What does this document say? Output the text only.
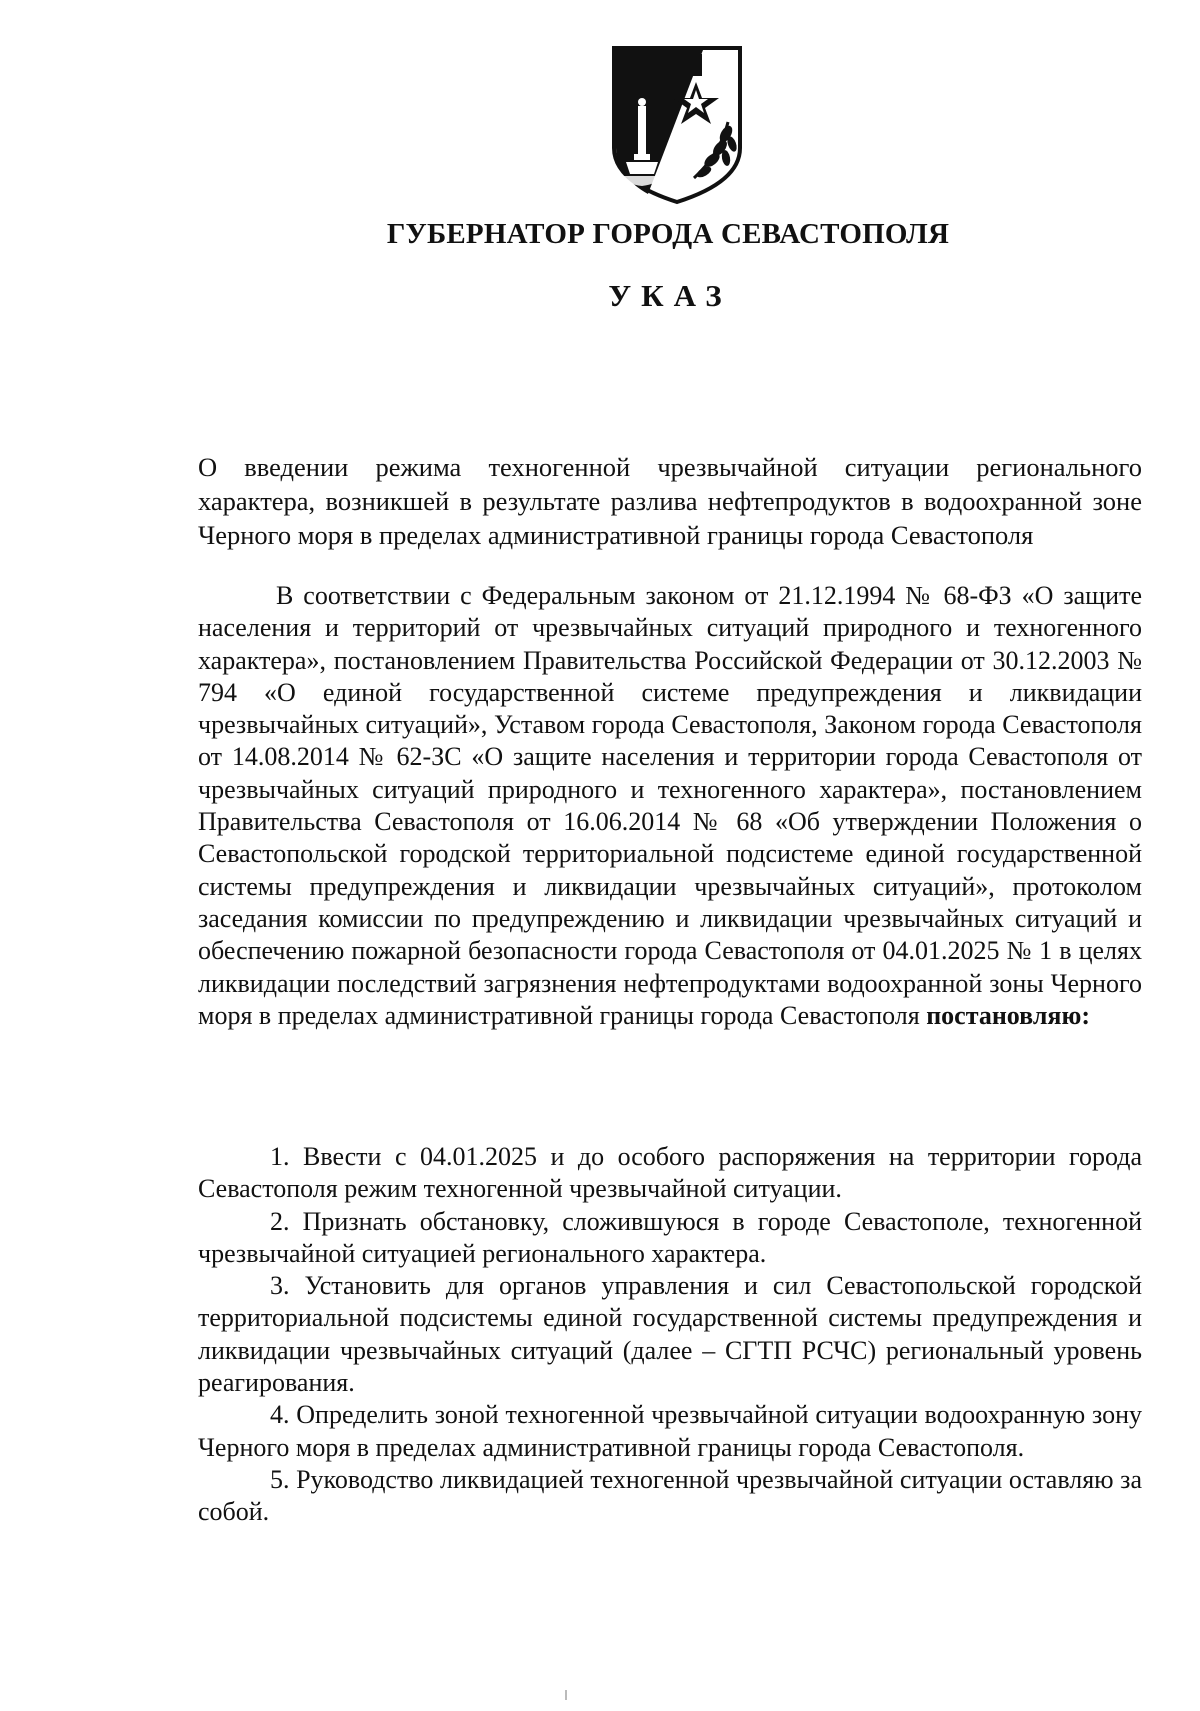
ГУБЕРНАТОР ГОРОДА СЕВАСТОПОЛЯ
УКАЗ

О введении режима техногенной чрезвычайной ситуации регионального характера, возникшей в результате разлива нефтепродуктов в водоохранной зоне Черного моря в пределах административной границы города Севастополя

В соответствии с Федеральным законом от 21.12.1994 № 68-ФЗ «О защите населения и территорий от чрезвычайных ситуаций природного и техногенного характера», постановлением Правительства Российской Федерации от 30.12.2003 № 794 «О единой государственной системе предупреждения и ликвидации чрезвычайных ситуаций», Уставом города Севастополя, Законом города Севастополя от 14.08.2014 № 62-ЗС «О защите населения и территории города Севастополя от чрезвычайных ситуаций природного и техногенного характера», постановлением Правительства Севастополя от 16.06.2014 № 68 «Об утверждении Положения о Севастопольской городской территориальной подсистеме единой государственной системы предупреждения и ликвидации чрезвычайных ситуаций», протоколом заседания комиссии по предупреждению и ликвидации чрезвычайных ситуаций и обеспечению пожарной безопасности города Севастополя от 04.01.2025 № 1 в целях ликвидации последствий загрязнения нефтепродуктами водоохранной зоны Черного моря в пределах административной границы города Севастополя постановляю:

1. Ввести с 04.01.2025 и до особого распоряжения на территории города Севастополя режим техногенной чрезвычайной ситуации.

2. Признать обстановку, сложившуюся в городе Севастополе, техногенной чрезвычайной ситуацией регионального характера.

3. Установить для органов управления и сил Севастопольской городской территориальной подсистемы единой государственной системы предупреждения и ликвидации чрезвычайных ситуаций (далее – СГТП РСЧС) региональный уровень реагирования.

4. Определить зоной техногенной чрезвычайной ситуации водоохранную зону Черного моря в пределах административной границы города Севастополя.

5. Руководство ликвидацией техногенной чрезвычайной ситуации оставляю за собой.
